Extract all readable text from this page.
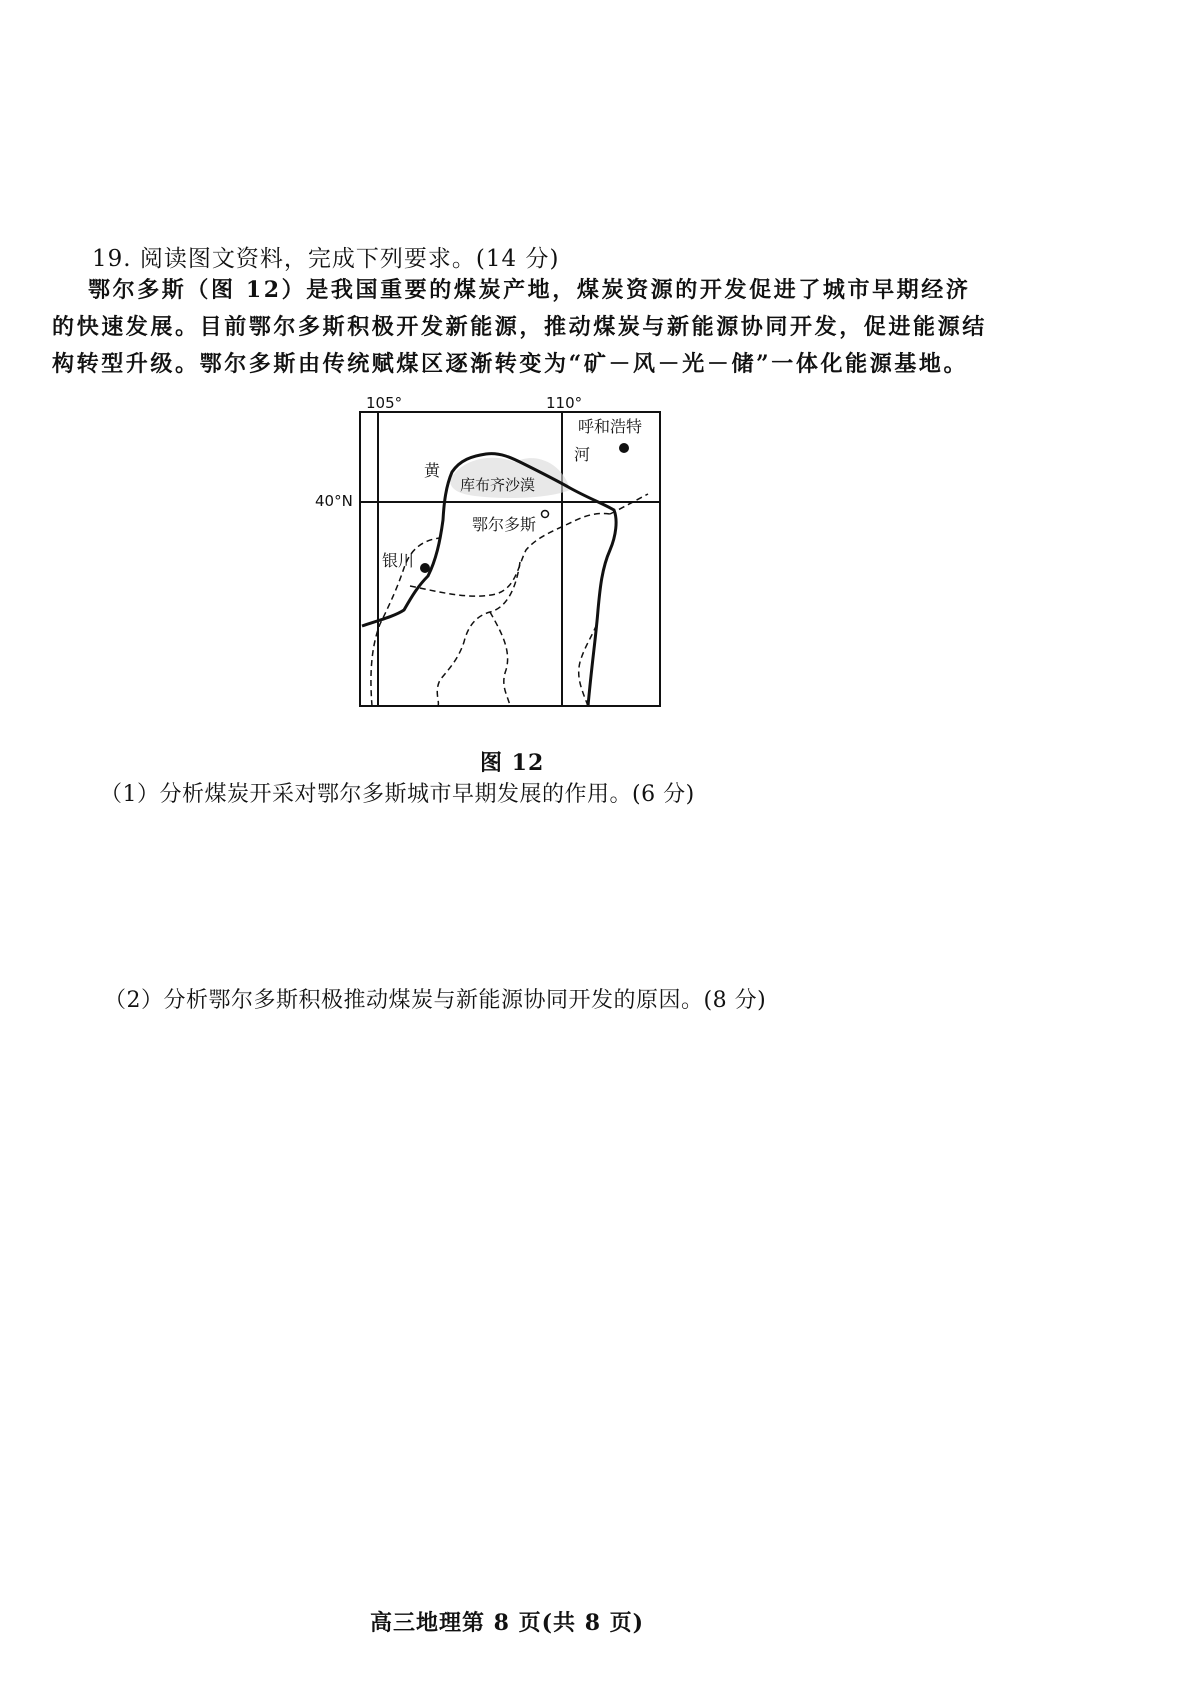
19. 阅读图文资料，完成下列要求。(14 分)

鄂尔多斯（图 12）是我国重要的煤炭产地，煤炭资源的开发促进了城市早期经济

的快速发展。目前鄂尔多斯积极开发新能源，推动煤炭与新能源协同开发，促进能源结

构转型升级。鄂尔多斯由传统赋煤区逐渐转变为“矿－风－光－储”一体化能源基地。

105°	110°
40°N
呼和浩特
黄
河
库布齐沙漠
鄂尔多斯
银川
图 12
（1）分析煤炭开采对鄂尔多斯城市早期发展的作用。(6 分)
（2）分析鄂尔多斯积极推动煤炭与新能源协同开发的原因。(8 分)
高三地理第 8 页(共 8 页)
